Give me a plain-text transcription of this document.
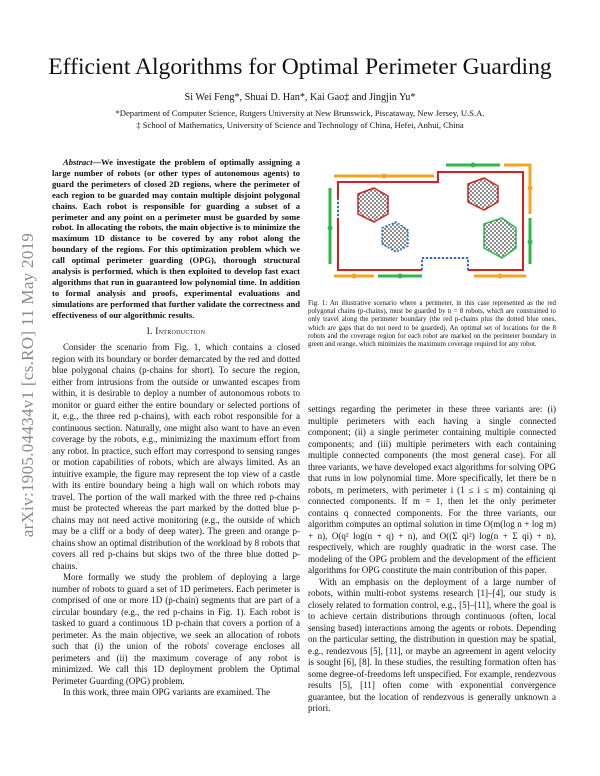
arXiv:1905.04434v1 [cs.RO] 11 May 2019
Efficient Algorithms for Optimal Perimeter Guarding
Si Wei Feng*, Shuai D. Han*, Kai Gao‡ and Jingjin Yu*
*Department of Computer Science, Rutgers University at New Brunswick, Piscataway, New Jersey, U.S.A.
‡ School of Mathematics, University of Science and Technology of China, Hefei, Anhui, China
Abstract—We investigate the problem of optimally assigning a large number of robots (or other types of autonomous agents) to guard the perimeters of closed 2D regions, where the perimeter of each region to be guarded may contain multiple disjoint polygonal chains. Each robot is responsible for guarding a subset of a perimeter and any point on a perimeter must be guarded by some robot. In allocating the robots, the main objective is to minimize the maximum 1D distance to be covered by any robot along the boundary of the regions. For this optimization problem which we call optimal perimeter guarding (OPG), thorough structural analysis is performed, which is then exploited to develop fast exact algorithms that run in guaranteed low polynomial time. In addition to formal analysis and proofs, experimental evaluations and simulations are performed that further validate the correctness and effectiveness of our algorithmic results.
I. Introduction

Consider the scenario from Fig. 1, which contains a closed region with its boundary or border demarcated by the red and dotted blue polygonal chains (p-chains for short). To secure the region, either from intrusions from the outside or unwanted escapes from within, it is desirable to deploy a number of autonomous robots to monitor or guard either the entire boundary or selected portions of it, e.g., the three red p-chains), with each robot responsible for a continuous section. Naturally, one might also want to have an even coverage by the robots, e.g., minimizing the maximum effort from any robot. In practice, such effort may correspond to sensing ranges or motion capabilities of robots, which are always limited. As an intuitive example, the figure may represent the top view of a castle with its entire boundary being a high wall on which robots may travel. The portion of the wall marked with the three red p-chains must be protected whereas the part marked by the dotted blue p-chains may not need active monitoring (e.g., the outside of which may be a cliff or a body of deep water). The green and orange p-chains show an optimal distribution of the workload by 8 robots that covers all red p-chains but skips two of the three blue dotted p-chains.

More formally we study the problem of deploying a large number of robots to guard a set of 1D perimeters. Each perimeter is comprised of one or more 1D (p-chain) segments that are part of a circular boundary (e.g., the red p-chains in Fig. 1). Each robot is tasked to guard a continuous 1D p-chain that covers a portion of a perimeter. As the main objective, we seek an allocation of robots such that (i) the union of the robots' coverage encloses all perimeters and (ii) the maximum coverage of any robot is minimized. We call this 1D deployment problem the Optimal Perimeter Guarding (OPG) problem.

In this work, three main OPG variants are examined. The

Fig. 1: An illustrative scenario where a perimeter, in this case represented as the red polygonal chains (p-chains), must be guarded by n = 8 robots, which are constrained to only travel along the perimeter boundary (the red p-chains plus the dotted blue ones, which are gaps that do not need to be guarded). An optimal set of locations for the 8 robots and the coverage region for each robot are marked on the perimeter boundary in green and orange, which minimizes the maximum coverage required for any robot.

settings regarding the perimeter in these three variants are: (i) multiple perimeters with each having a single connected component; (ii) a single perimeter containing multiple connected components; and (iii) multiple perimeters with each containing multiple connected components (the most general case). For all three variants, we have developed exact algorithms for solving OPG that runs in low polynomial time. More specifically, let there be n robots, m perimeters, with perimeter i (1 ≤ i ≤ m) containing qi connected components. If m = 1, then let the only perimeter contains q connected components. For the three variants, our algorithm computes an optimal solution in time O(m(log n + log m) + n), O(q² log(n + q) + n), and O((Σ qi²) log(n + Σ qi) + n), respectively, which are roughly quadratic in the worst case. The modeling of the OPG problem and the development of the efficient algorithms for OPG constitute the main contribution of this paper.

With an emphasis on the deployment of a large number of robots, within multi-robot systems research [1]–[4], our study is closely related to formation control, e.g., [5]–[11], where the goal is to achieve certain distributions through continuous (often, local sensing based) interactions among the agents or robots. Depending on the particular setting, the distribution in question may be spatial, e.g., rendezvous [5], [11], or maybe an agreement in agent velocity is sought [6], [8]. In these studies, the resulting formation often has some degree-of-freedoms left unspecified. For example, rendezvous results [5], [11] often come with exponential convergence guarantee, but the location of rendezvous is generally unknown a priori.
